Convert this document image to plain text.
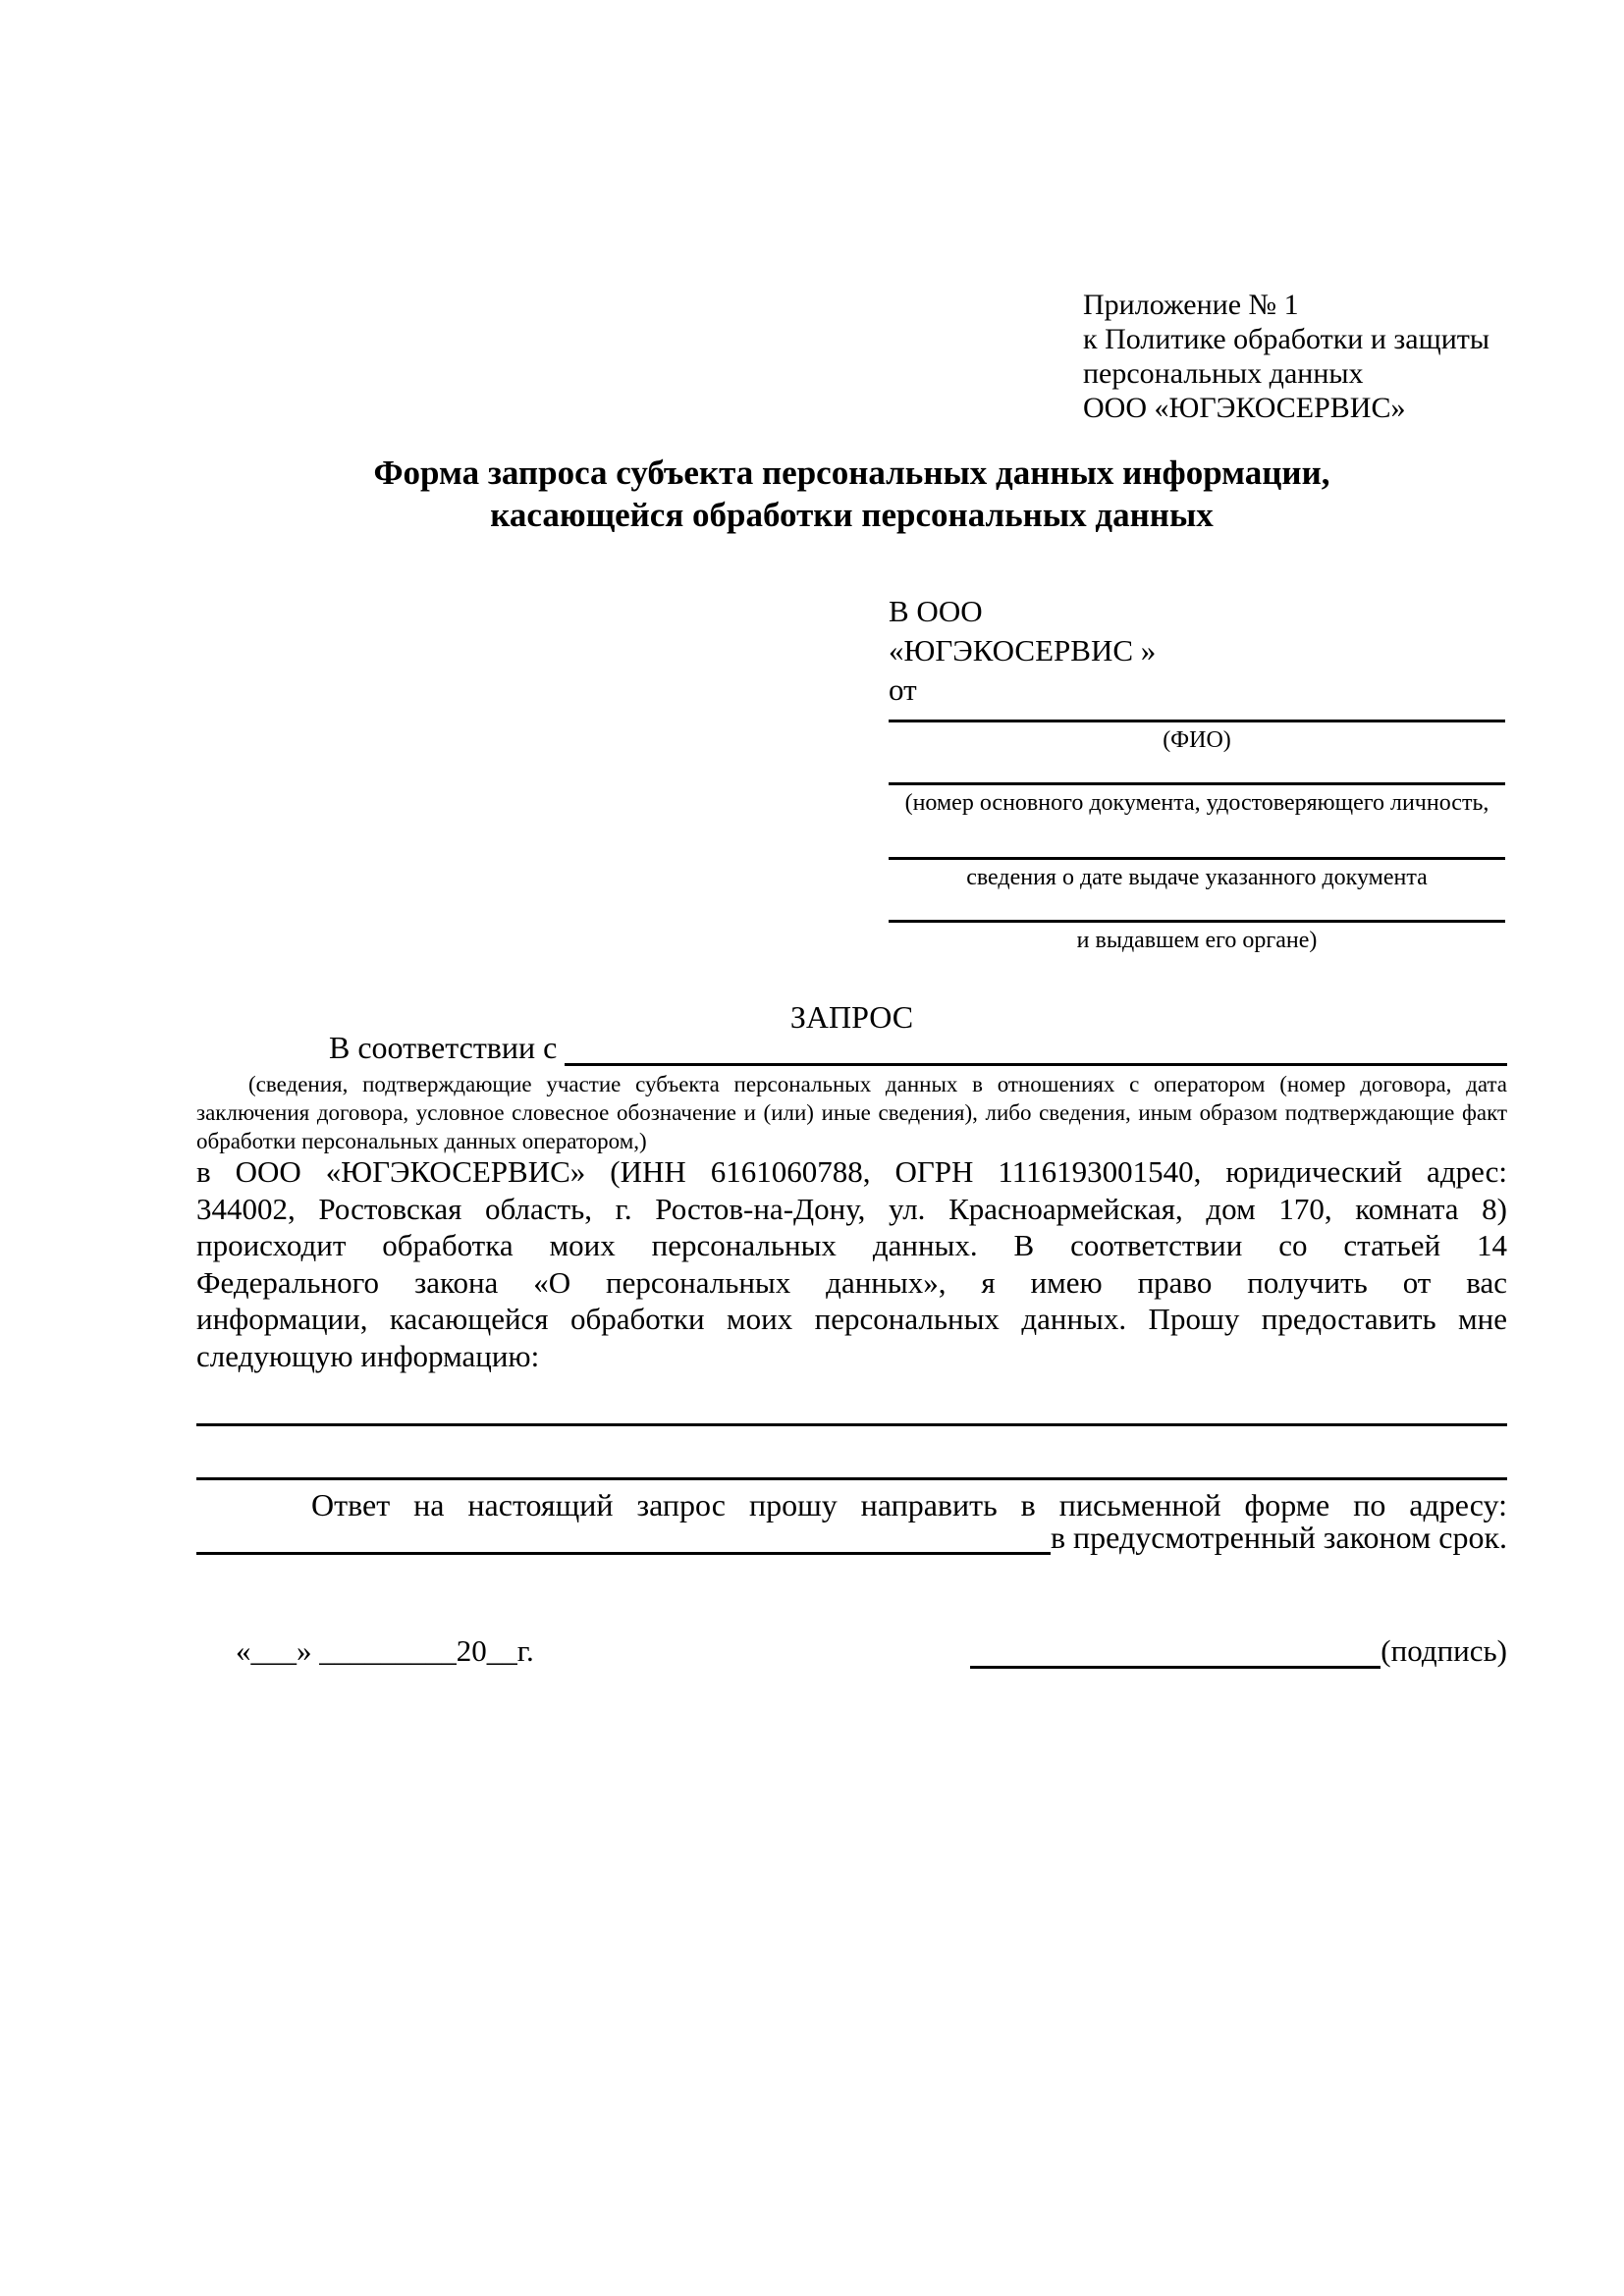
Приложение № 1
к Политике обработки и защиты
персональных данных
ООО «ЮГЭКОСЕРВИС»
Форма запроса субъекта персональных данных информации,
касающейся обработки персональных данных
В ООО
«ЮГЭКОСЕРВИС »
от
(ФИО)
(номер основного документа, удостоверяющего личность,
сведения о дате выдаче указанного документа
и выдавшем его органе)
ЗАПРОС
В соответствии с

(сведения, подтверждающие участие субъекта персональных данных в отношениях с оператором (номер договора, дата
заключения договора, условное словесное обозначение и (или) иные сведения), либо сведения, иным образом подтверждающие факт
обработки персональных данных оператором,)
в ООО «ЮГЭКОСЕРВИС» (ИНН 6161060788, ОГРН 1116193001540, юридический адрес:
344002, Ростовская область, г. Ростов-на-Дону, ул. Красноармейская, дом 170, комната 8)
происходит обработка моих персональных данных. В соответствии со статьей 14
Федерального закона «О персональных данных», я имею право получить от вас
информации, касающейся обработки моих персональных данных. Прошу предоставить мне
следующую информацию:
Ответ на настоящий запрос прошу направить в письменной форме по адресу:
в предусмотренный законом срок.
«___» _________20__г.	(подпись)
